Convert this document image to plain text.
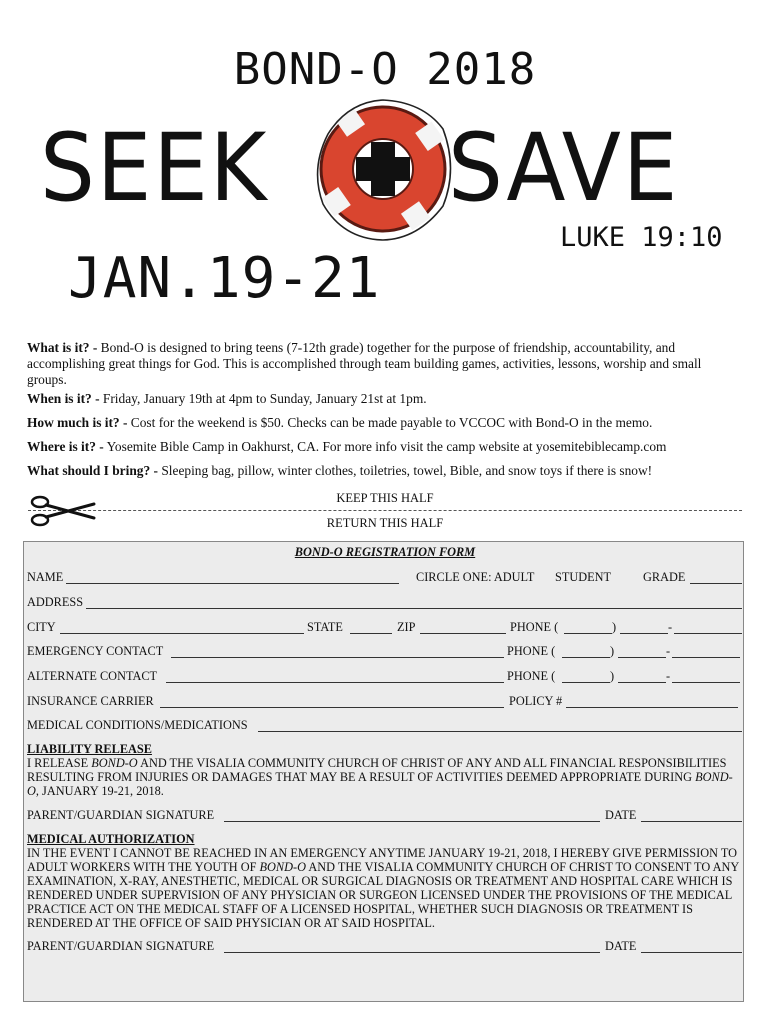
BOND-O 2018
SEEK SAVE
LUKE 19:10
JAN.19-21
What is it? - Bond-O is designed to bring teens (7-12th grade) together for the purpose of friendship, accountability, and accomplishing great things for God. This is accomplished through team building games, activities, lessons, worship and small groups.
When is it? - Friday, January 19th at 4pm to Sunday, January 21st at 1pm.
How much is it? - Cost for the weekend is $50. Checks can be made payable to VCCOC with Bond-O in the memo.
Where is it? - Yosemite Bible Camp in Oakhurst, CA. For more info visit the camp website at yosemitebiblecamp.com
What should I bring? - Sleeping bag, pillow, winter clothes, toiletries, towel, Bible, and snow toys if there is snow!
KEEP THIS HALF
RETURN THIS HALF
BOND-O REGISTRATION FORM
NAME	CIRCLE ONE: ADULT STUDENT	GRADE
ADDRESS
CITY	STATE	ZIP	PHONE (	)	-
EMERGENCY CONTACT	PHONE (	)	-
ALTERNATE CONTACT	PHONE (	)	-
INSURANCE CARRIER	POLICY #
MEDICAL CONDITIONS/MEDICATIONS
LIABILITY RELEASE
I RELEASE BOND-O AND THE VISALIA COMMUNITY CHURCH OF CHRIST OF ANY AND ALL FINANCIAL RESPONSIBILITIES RESULTING FROM INJURIES OR DAMAGES THAT MAY BE A RESULT OF ACTIVITIES DEEMED APPROPRIATE DURING BOND-O, JANUARY 19-21, 2018.
PARENT/GUARDIAN SIGNATURE	DATE
MEDICAL AUTHORIZATION
IN THE EVENT I CANNOT BE REACHED IN AN EMERGENCY ANYTIME JANUARY 19-21, 2018, I HEREBY GIVE PERMISSION TO ADULT WORKERS WITH THE YOUTH OF BOND-O AND THE VISALIA COMMUNITY CHURCH OF CHRIST TO CONSENT TO ANY EXAMINATION, X-RAY, ANESTHETIC, MEDICAL OR SURGICAL DIAGNOSIS OR TREATMENT AND HOSPITAL CARE WHICH IS RENDERED UNDER SUPERVISION OF ANY PHYSICIAN OR SURGEON LICENSED UNDER THE PROVISIONS OF THE MEDICAL PRACTICE ACT ON THE MEDICAL STAFF OF A LICENSED HOSPITAL, WHETHER SUCH DIAGNOSIS OR TREATMENT IS RENDERED AT THE OFFICE OF SAID PHYSICIAN OR AT SAID HOSPITAL.
PARENT/GUARDIAN SIGNATURE	DATE
